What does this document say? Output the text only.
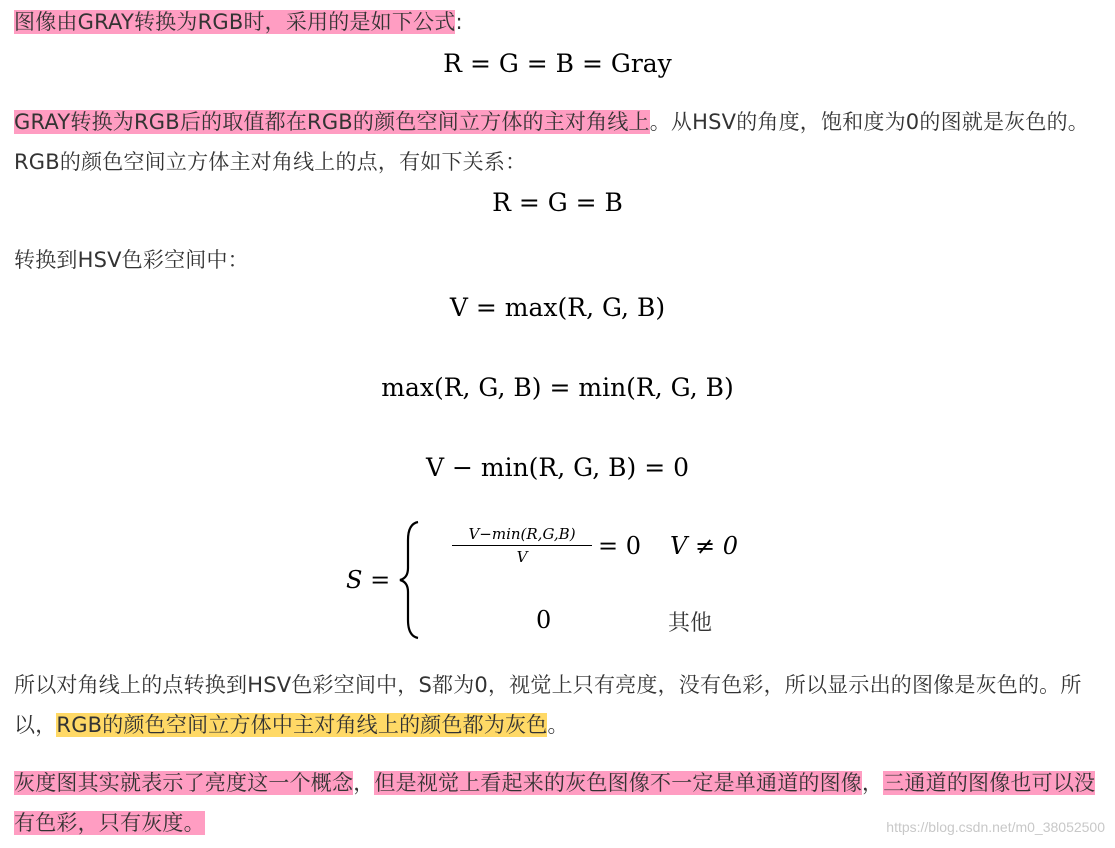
图像由GRAY转换为RGB时，采用的是如下公式:

R = G = B = Gray

GRAY转换为RGB后的取值都在RGB的颜色空间立方体的主对角线上。从HSV的角度，饱和度为0的图就是灰色的。RGB的颜色空间立方体主对角线上的点，有如下关系：

R = G = B

转换到HSV色彩空间中：

V = max(R, G, B)
max(R, G, B) = min(R, G, B)
V − min(R, G, B) = 0
S =
V−min(R,G,B)
V	= 0 V ≠ 0
0	其他

所以对角线上的点转换到HSV色彩空间中，S都为0，视觉上只有亮度，没有色彩，所以显示出的图像是灰色的。所以，RGB的颜色空间立方体中主对角线上的颜色都为灰色。

灰度图其实就表示了亮度这一个概念，但是视觉上看起来的灰色图像不一定是单通道的图像，三通道的图像也可以没有色彩，只有灰度。	https://blog.csdn.net/m0_38052500
